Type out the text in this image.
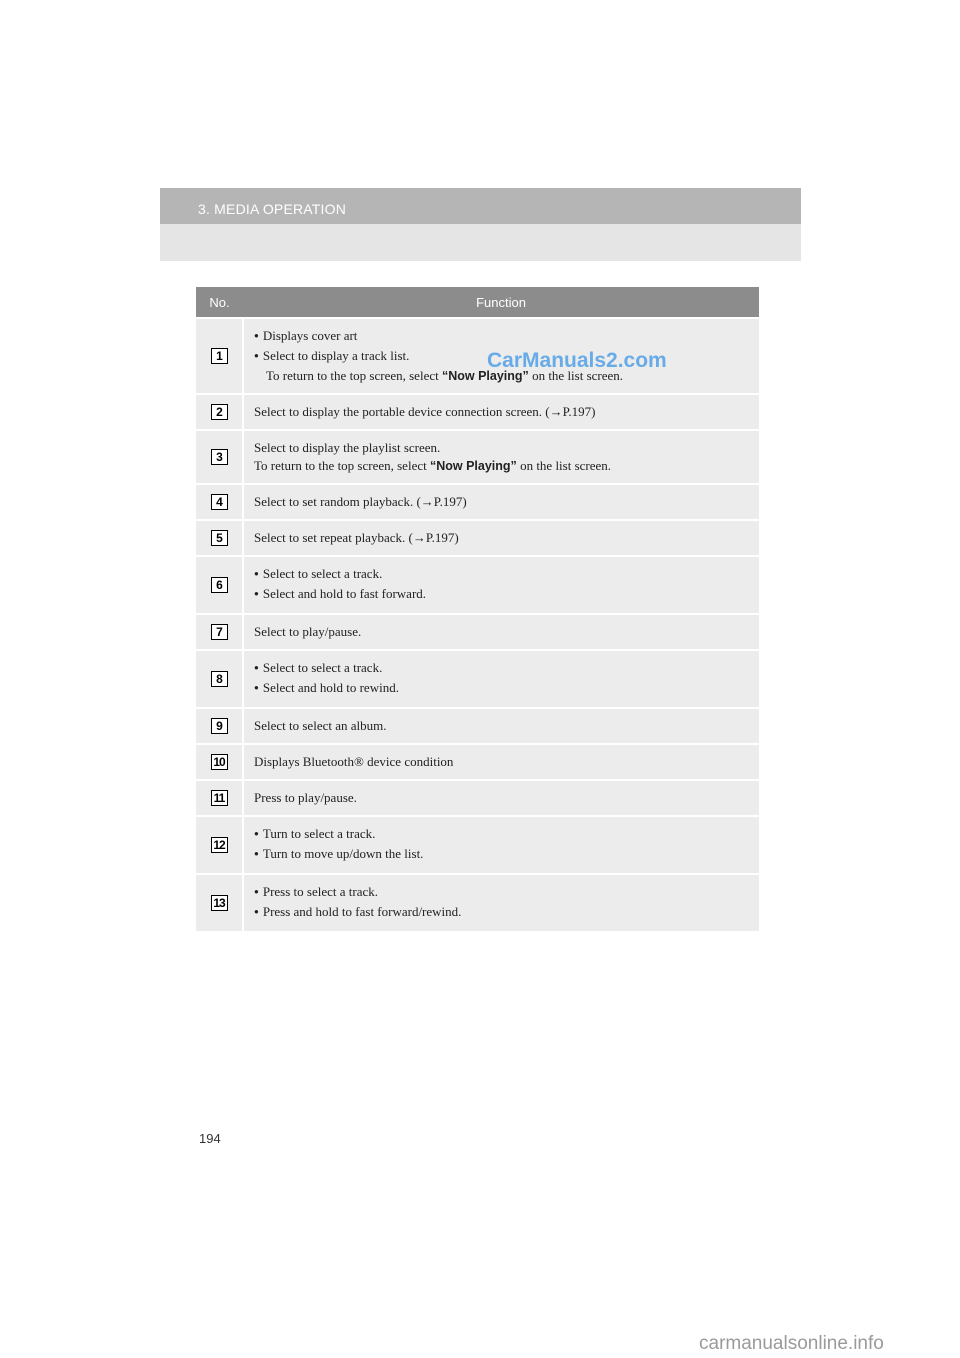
3. MEDIA OPERATION
No.	Function
1	● Displays cover art
● Select to display a track list.
To return to the top screen, select “Now Playing” on the list screen.

2	Select to display the portable device connection screen. (→P.197)

3	Select to display the playlist screen.
To return to the top screen, select “Now Playing” on the list screen.

4	Select to set random playback. (→P.197)

5	Select to set repeat playback. (→P.197)

6	● Select to select a track.
● Select and hold to fast forward.

7	Select to play/pause.

8	● Select to select a track.
● Select and hold to rewind.

9	Select to select an album.

10	Displays Bluetooth® device condition

11	Press to play/pause.

12	● Turn to select a track.
● Turn to move up/down the list.

13	● Press to select a track.
● Press and hold to fast forward/rewind.
CarManuals2.com
194
carmanualsonline.info
